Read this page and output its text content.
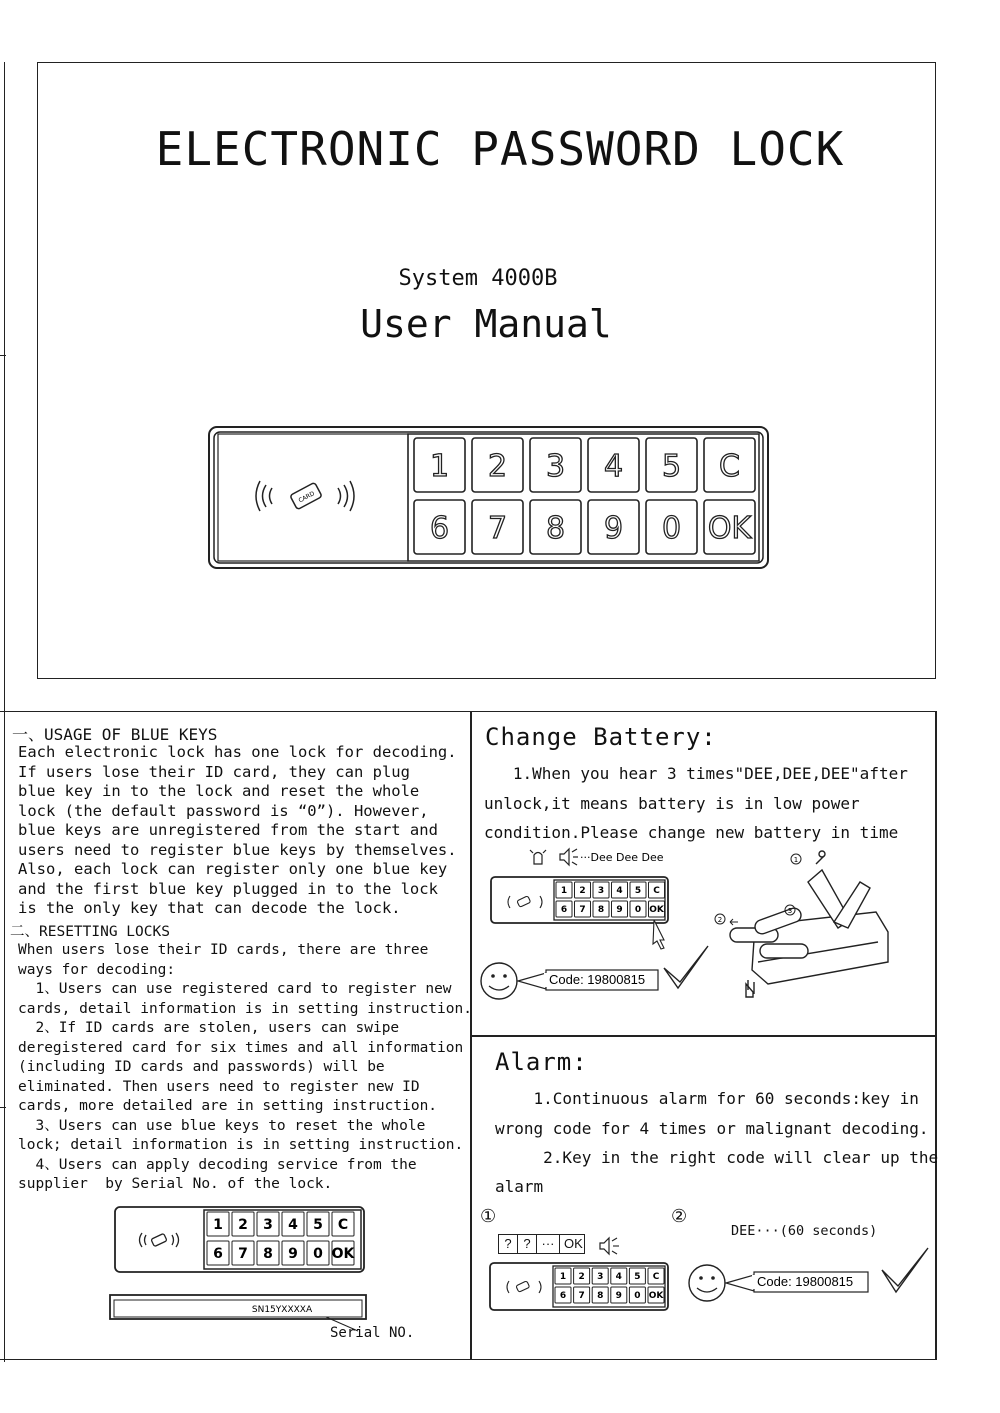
ELECTRONIC PASSWORD LOCK
System 4000B
User Manual
CARD
1 2 3 4 5 C
6 7 8 9 0 OK
一、USAGE OF BLUE KEYS
Each electronic lock has one lock for decoding.
If users lose their ID card, they can plug
blue key in to the lock and reset the whole
lock (the default password is “0”). However,
blue keys are unregistered from the start and
users need to register blue keys by themselves.
Also, each lock can register only one blue key
and the first blue key plugged in to the lock
is the only key that can decode the lock.
二、RESETTING LOCKS
When users lose their ID cards, there are three
ways for decoding:
1、Users can use registered card to register new
cards, detail information is in setting instruction.
2、If ID cards are stolen, users can swipe
deregistered card for six times and all information
(including ID cards and passwords) will be
eliminated. Then users need to register new ID
cards, more detailed are in setting instruction.
3、Users can use blue keys to reset the whole
lock; detail information is in setting instruction.
4、Users can apply decoding service from the
supplier  by Serial No. of the lock.
1 2 3 4 5 C
6 7 8 9 0 OK
SN15YXXXXA
Serial NO.
Change Battery:
1.When you hear 3 times"DEE,DEE,DEE"after
unlock,it means battery is in low power
condition.Please change new battery in time
···Dee Dee Dee
1 2 3 4 5 C
6 7 8 9 0 OK
Code: 19800815
1
2
3
Alarm:
1.Continuous alarm for 60 seconds:key in
wrong code for 4 times or malignant decoding.
2.Key in the right code will clear up the
alarm
①	②
DEE···(60 seconds)
? ? ··· OK
1 2 3 4 5 C
6 7 8 9 0 OK
Code: 19800815
